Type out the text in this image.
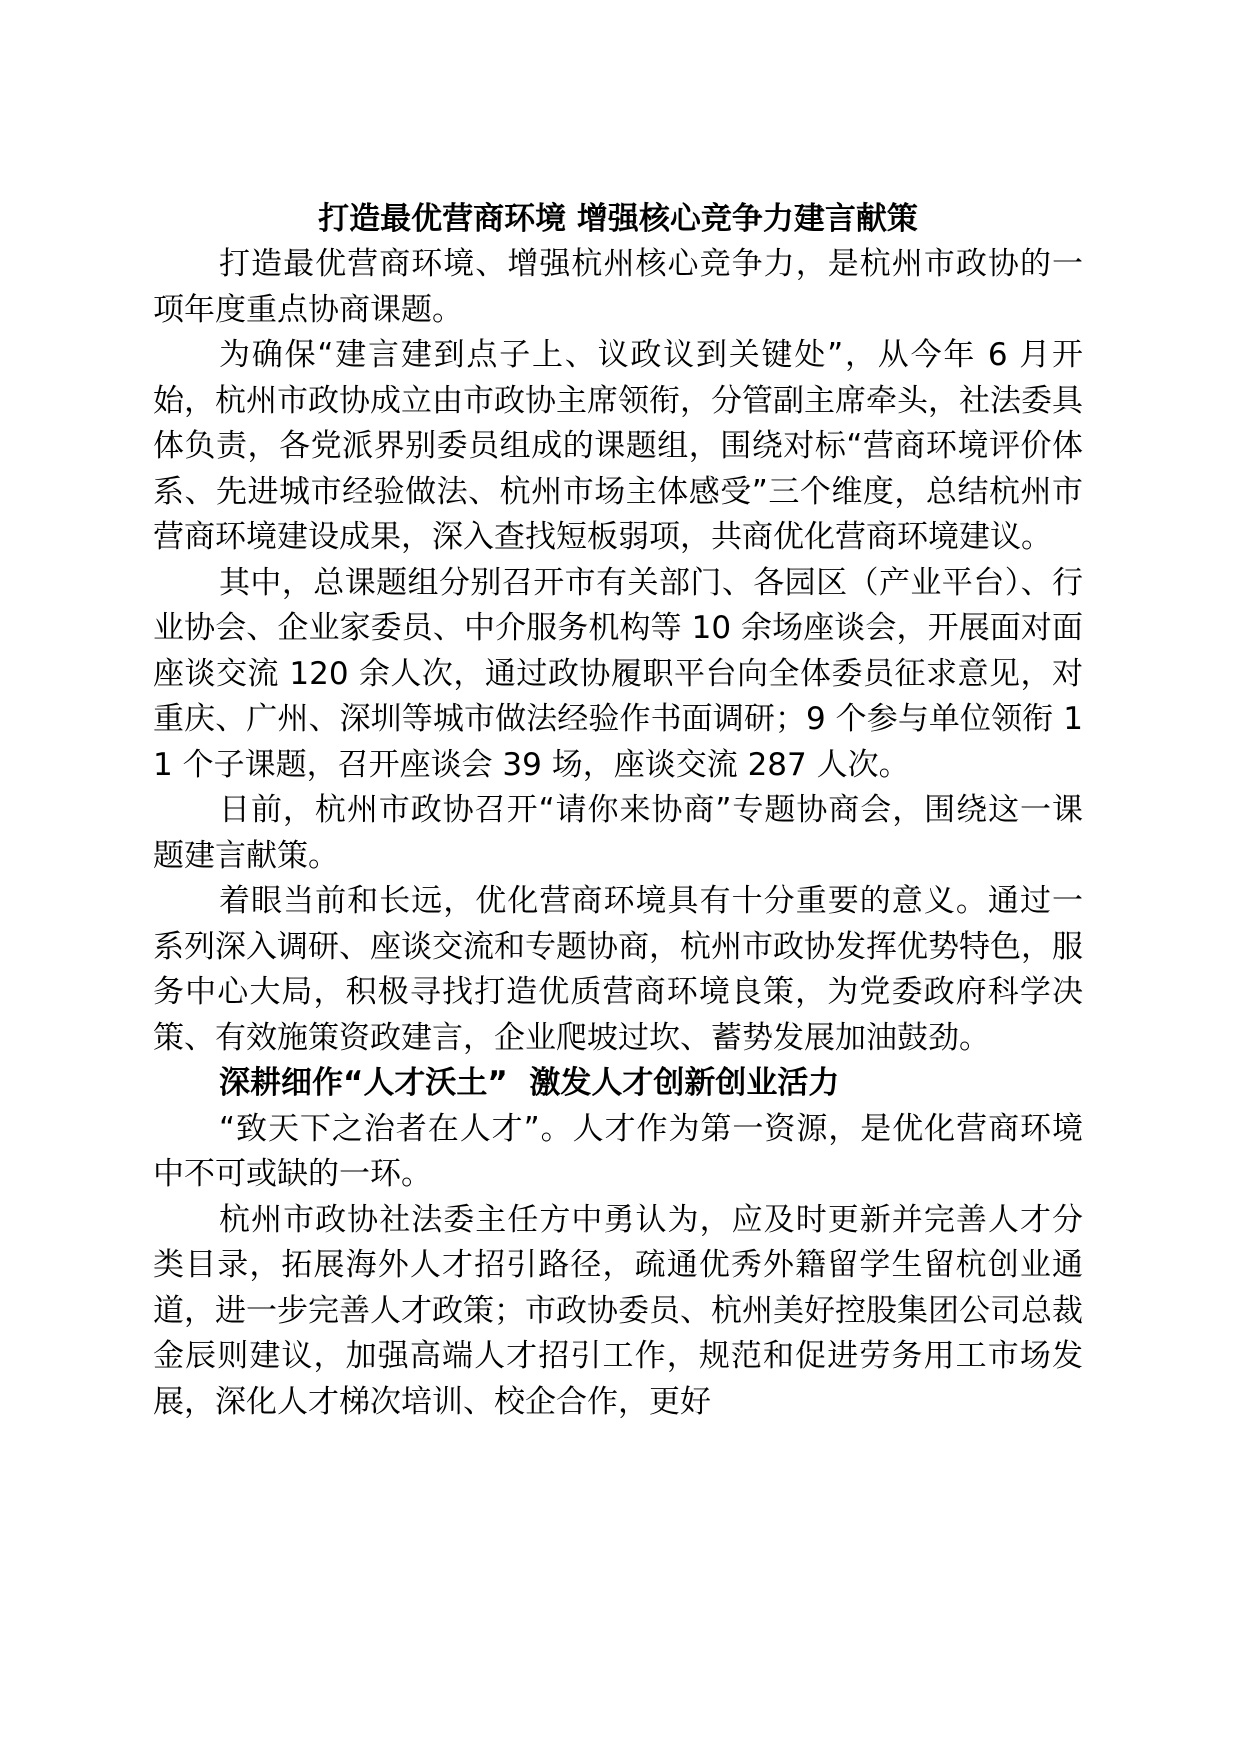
打造最优营商环境 增强核心竞争力建言献策

打造最优营商环境、增强杭州核心竞争力，是杭州市政协的一项年度重点协商课题。

为确保“建言建到点子上、议政议到关键处”，从今年 6 月开始，杭州市政协成立由市政协主席领衔，分管副主席牵头，社法委具体负责，各党派界别委员组成的课题组，围绕对标“营商环境评价体系、先进城市经验做法、杭州市场主体感受”三个维度，总结杭州市营商环境建设成果，深入查找短板弱项，共商优化营商环境建议。

其中，总课题组分别召开市有关部门、各园区（产业平台）、行业协会、企业家委员、中介服务机构等 10 余场座谈会，开展面对面座谈交流 120 余人次，通过政协履职平台向全体委员征求意见，对重庆、广州、深圳等城市做法经验作书面调研；9 个参与单位领衔 11 个子课题，召开座谈会 39 场，座谈交流 287 人次。

日前，杭州市政协召开“请你来协商”专题协商会，围绕这一课题建言献策。

着眼当前和长远，优化营商环境具有十分重要的意义。通过一系列深入调研、座谈交流和专题协商，杭州市政协发挥优势特色，服务中心大局，积极寻找打造优质营商环境良策，为党委政府科学决策、有效施策资政建言，企业爬坡过坎、蓄势发展加油鼓劲。

深耕细作“人才沃土”  激发人才创新创业活力

“致天下之治者在人才”。人才作为第一资源，是优化营商环境中不可或缺的一环。

杭州市政协社法委主任方中勇认为，应及时更新并完善人才分类目录，拓展海外人才招引路径，疏通优秀外籍留学生留杭创业通道，进一步完善人才政策；市政协委员、杭州美好控股集团公司总裁金辰则建议，加强高端人才招引工作，规范和促进劳务用工市场发展，深化人才梯次培训、校企合作，更好
